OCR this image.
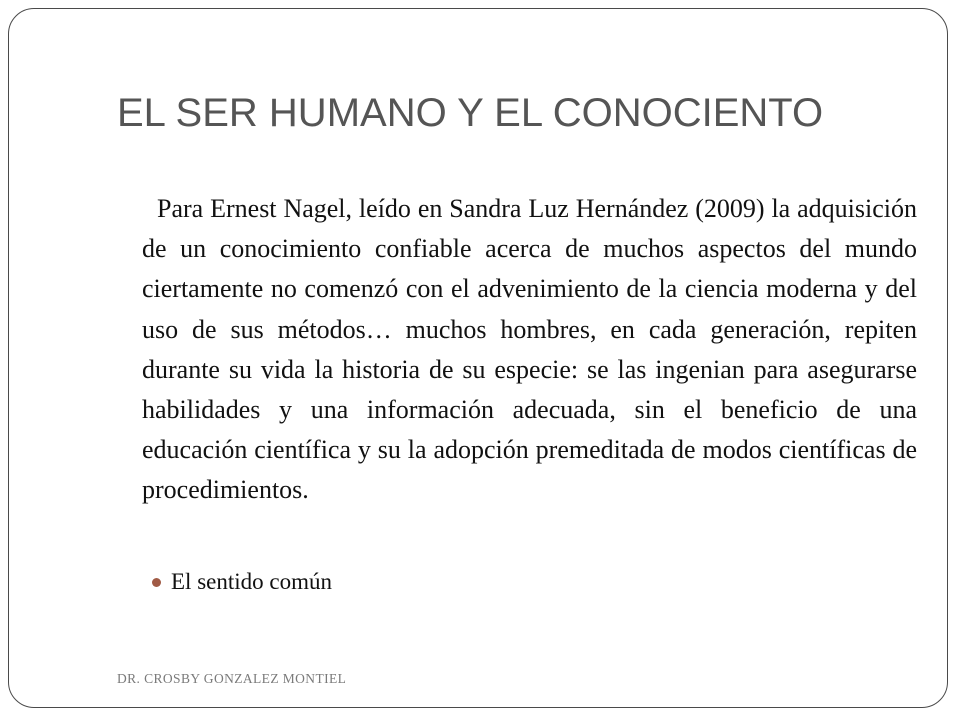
EL SER HUMANO Y EL CONOCIENTO

Para Ernest Nagel, leído en Sandra Luz Hernández (2009) la adquisición de un conocimiento confiable acerca de muchos aspectos del mundo ciertamente no comenzó con el advenimiento de la ciencia moderna y del uso de sus métodos… muchos hombres, en cada generación, repiten durante su vida la historia de su especie: se las ingenian para asegurarse habilidades y una información adecuada, sin el beneficio de una educación científica y su la adopción premeditada de modos científicas de procedimientos.

El sentido común
DR. CROSBY GONZALEZ MONTIEL
